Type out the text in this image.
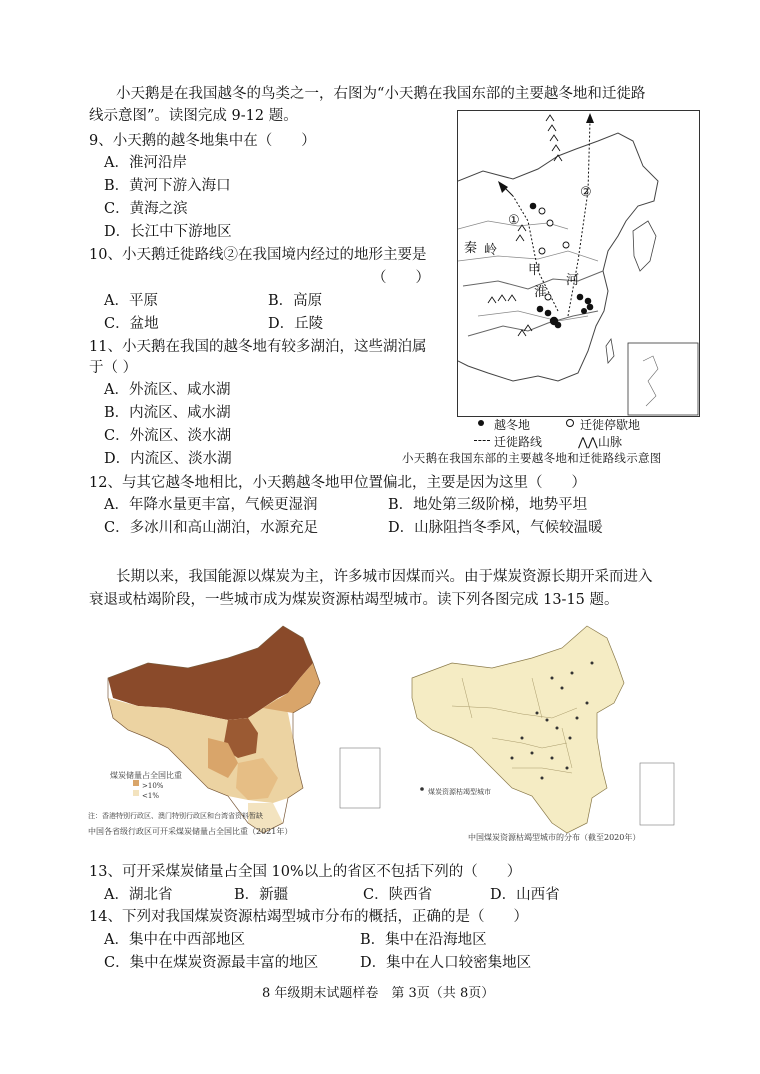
小天鹅是在我国越冬的鸟类之一，右图为“小天鹅在我国东部的主要越冬地和迁徙路
线示意图”。读图完成 9-12 题。
9、小天鹅的越冬地集中在（　　）
A．淮河沿岸
B．黄河下游入海口
C．黄海之滨
D．长江中下游地区
10、小天鹅迁徙路线②在我国境内经过的地形主要是
（　　）
A．平原	B．高原
C．盆地	D．丘陵
11、小天鹅在我国的越冬地有较多湖泊，这些湖泊属
于（ ）
A．外流区、咸水湖
B．内流区、咸水湖
C．外流区、淡水湖
D．内流区、淡水湖
秦 岭
甲
淮
河
①
②
越冬地	迁徙停歇地
迁徙路线	⋀⋀ 山脉
小天鹅在我国东部的主要越冬地和迁徙路线示意图
12、与其它越冬地相比，小天鹅越冬地甲位置偏北，主要是因为这里（　　）
A．年降水量更丰富，气候更湿润	B．地处第三级阶梯，地势平坦
C．多冰川和高山湖泊，水源充足	D．山脉阻挡冬季风，气候较温暖
长期以来，我国能源以煤炭为主，许多城市因煤而兴。由于煤炭资源长期开采而进入
衰退或枯竭阶段，一些城市成为煤炭资源枯竭型城市。读下列各图完成 13-15 题。
煤炭储量占全国比重
>10%
<1%
注：香港特别行政区、澳门特别行政区和台湾省资料暂缺
中国各省级行政区可开采煤炭储量占全国比重（2021年）
煤炭资源枯竭型城市
中国煤炭资源枯竭型城市的分布（截至2020年）
13、可开采煤炭储量占全国 10%以上的省区不包括下列的（　　）
A．湖北省	B．新疆	C．陕西省	D．山西省
14、下列对我国煤炭资源枯竭型城市分布的概括，正确的是（　　）
A．集中在中西部地区	B．集中在沿海地区
C．集中在煤炭资源最丰富的地区	D．集中在人口较密集地区
8 年级期末试题样卷　第 3页（共 8页）
